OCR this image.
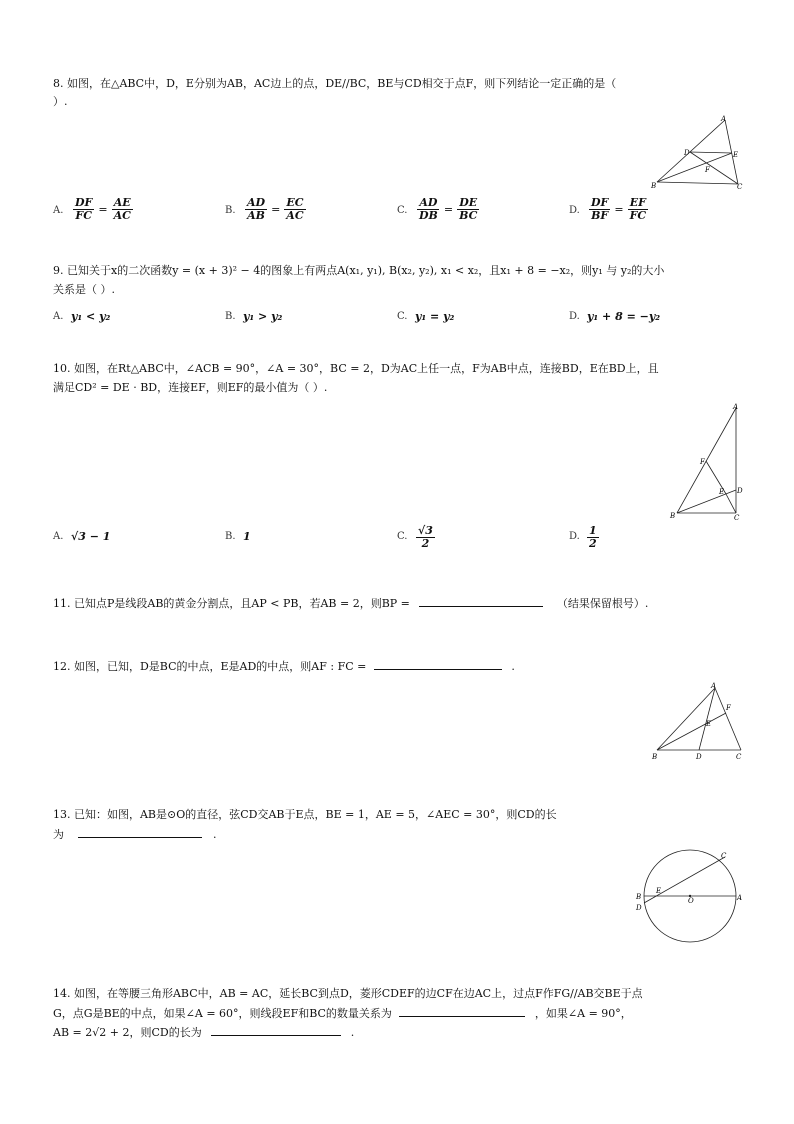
8. 如图，在△ABC中，D，E分别为AB，AC边上的点，DE//BC，BE与CD相交于点F，则下列结论一定正确的是（
）.
A
D	E
F
B	C
A. $\frac{DF}{FC} = \frac{AE}{AC}$	B. $\frac{AD}{AB} = \frac{EC}{AC}$	C. $\frac{AD}{DB} = \frac{DE}{BC}$	D. $\frac{DF}{BF} = \frac{EF}{FC}$
9. 已知关于x的二次函数y = (x + 3)² − 4的图象上有两点A(x₁, y₁), B(x₂, y₂), x₁ < x₂，且x₁ + 8 = −x₂，则y₁ 与 y₂的大小
关系是（ ）.
A. y₁ < y₂	B. y₁ > y₂	C. y₁ = y₂	D. y₁ + 8 = −y₂
10. 如图，在Rt△ABC中，∠ACB = 90°，∠A = 30°，BC = 2，D为AC上任一点，F为AB中点，连接BD，E在BD上，且
满足CD² = DE · BD，连接EF，则EF的最小值为（ ）.
A
F
E D
B	C
A. √3 − 1	B. 1	C. $\frac{√3}{2}$	D. $\frac{1}{2}$
11. 已知点P是线段AB的黄金分割点，且AP < PB，若AB = 2，则BP =	（结果保留根号）.
12. 如图，已知，D是BC的中点，E是AD的中点，则AF : FC =	.
A
F
E
B	D	C
13. 已知：如图，AB是⊙O的直径，弦CD交AB于E点，BE = 1，AE = 5，∠AEC = 30°，则CD的长
为	.
C
B
E
O	A
D
14. 如图，在等腰三角形ABC中，AB = AC，延长BC到点D，菱形CDEF的边CF在边AC上，过点F作FG//AB交BE于点
G，点G是BE的中点，如果∠A = 60°，则线段EF和BC的数量关系为	，如果∠A = 90°，
AB = 2√2 + 2，则CD的长为	.
